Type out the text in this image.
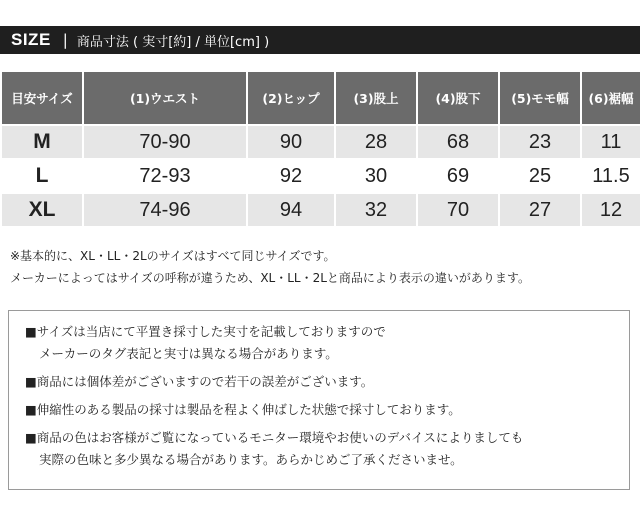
SIZE | 商品寸法 ( 実寸[約] / 単位[cm] )
目安サイズ	(1)ウエスト	(2)ヒップ	(3)股上	(4)股下	(5)モモ幅	(6)裾幅
M	70-90	90	28	68	23	11
L	72-93	92	30	69	25	11.5
XL	74-96	94	32	70	27	12
※基本的に、XL・LL・2Lのサイズはすべて同じサイズです。
メーカーによってはサイズの呼称が違うため、XL・LL・2Lと商品により表示の違いがあります。
■サイズは当店にて平置き採寸した実寸を記載しておりますので
メーカーのタグ表記と実寸は異なる場合があります。
■商品には個体差がございますので若干の誤差がございます。
■伸縮性のある製品の採寸は製品を程よく伸ばした状態で採寸しております。
■商品の色はお客様がご覧になっているモニター環境やお使いのデバイスによりましても
実際の色味と多少異なる場合があります。あらかじめご了承くださいませ。
